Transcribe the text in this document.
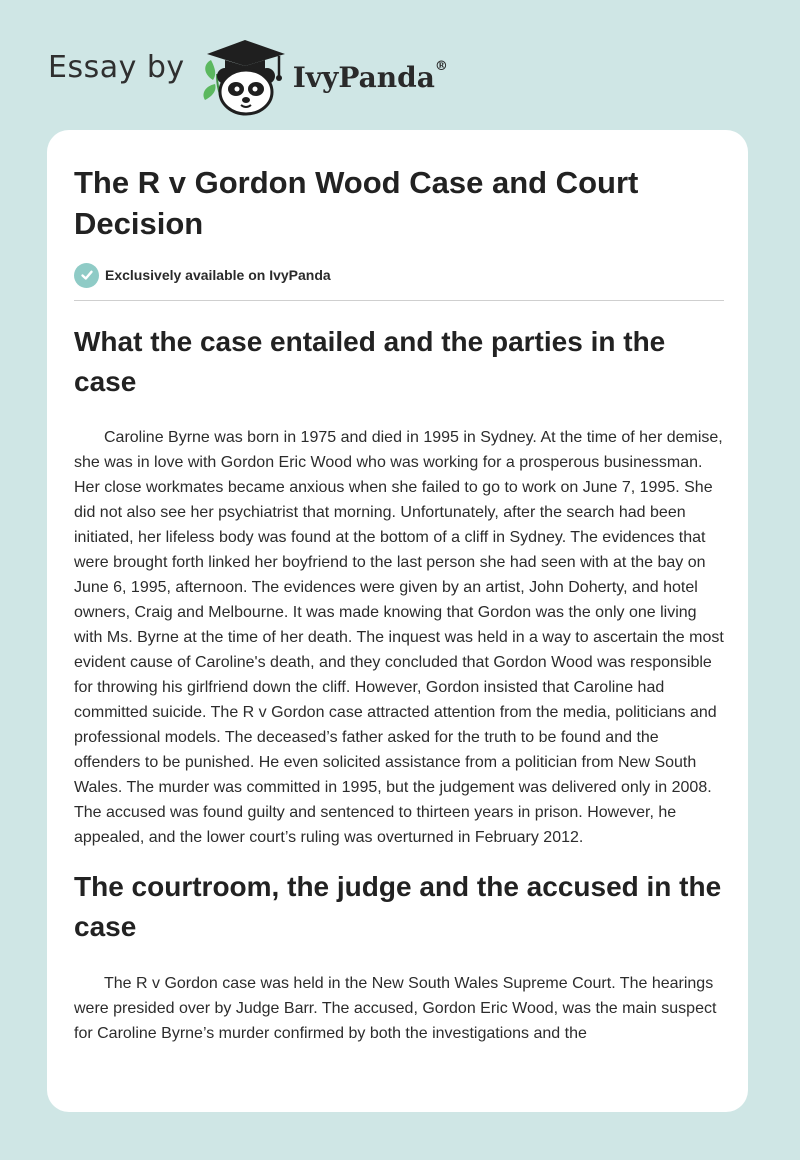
Essay by	IvyPanda®
The R v Gordon Wood Case and Court Decision
Exclusively available on IvyPanda
What the case entailed and the parties in the case

Caroline Byrne was born in 1975 and died in 1995 in Sydney. At the time of her demise, she was in love with Gordon Eric Wood who was working for a prosperous businessman. Her close workmates became anxious when she failed to go to work on June 7, 1995. She did not also see her psychiatrist that morning. Unfortunately, after the search had been initiated, her lifeless body was found at the bottom of a cliff in Sydney. The evidences that were brought forth linked her boyfriend to the last person she had seen with at the bay on June 6, 1995, afternoon. The evidences were given by an artist, John Doherty, and hotel owners, Craig and Melbourne. It was made knowing that Gordon was the only one living with Ms. Byrne at the time of her death. The inquest was held in a way to ascertain the most evident cause of Caroline's death, and they concluded that Gordon Wood was responsible for throwing his girlfriend down the cliff. However, Gordon insisted that Caroline had committed suicide. The R v Gordon case attracted attention from the media, politicians and professional models. The deceased’s father asked for the truth to be found and the offenders to be punished. He even solicited assistance from a politician from New South Wales. The murder was committed in 1995, but the judgement was delivered only in 2008. The accused was found guilty and sentenced to thirteen years in prison. However, he appealed, and the lower court’s ruling was overturned in February 2012.

The courtroom, the judge and the accused in the case

The R v Gordon case was held in the New South Wales Supreme Court. The hearings were presided over by Judge Barr. The accused, Gordon Eric Wood, was the main suspect for Caroline Byrne’s murder confirmed by both the investigations and the
